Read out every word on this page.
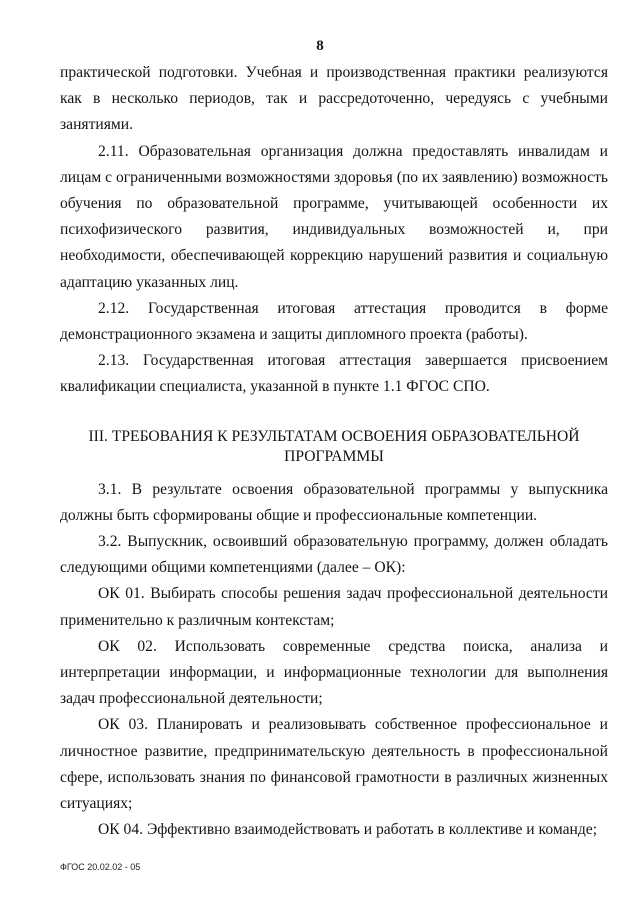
8

практической подготовки. Учебная и производственная практики реализуются как в несколько периодов, так и рассредоточенно, чередуясь с учебными занятиями.

2.11. Образовательная организация должна предоставлять инвалидам и лицам с ограниченными возможностями здоровья (по их заявлению) возможность обучения по образовательной программе, учитывающей особенности их психофизического развития, индивидуальных возможностей и, при необходимости, обеспечивающей коррекцию нарушений развития и социальную адаптацию указанных лиц.

2.12. Государственная итоговая аттестация проводится в форме демонстрационного экзамена и защиты дипломного проекта (работы).

2.13. Государственная итоговая аттестация завершается присвоением квалификации специалиста, указанной в пункте 1.1 ФГОС СПО.

III. ТРЕБОВАНИЯ К РЕЗУЛЬТАТАМ ОСВОЕНИЯ ОБРАЗОВАТЕЛЬНОЙ ПРОГРАММЫ

3.1. В результате освоения образовательной программы у выпускника должны быть сформированы общие и профессиональные компетенции.

3.2. Выпускник, освоивший образовательную программу, должен обладать следующими общими компетенциями (далее – ОК):

ОК 01. Выбирать способы решения задач профессиональной деятельности применительно к различным контекстам;

ОК 02. Использовать современные средства поиска, анализа и интерпретации информации, и информационные технологии для выполнения задач профессиональной деятельности;

ОК 03. Планировать и реализовывать собственное профессиональное и личностное развитие, предпринимательскую деятельность в профессиональной сфере, использовать знания по финансовой грамотности в различных жизненных ситуациях;

ОК 04. Эффективно взаимодействовать и работать в коллективе и команде;

ФГОС 20.02.02 - 05
